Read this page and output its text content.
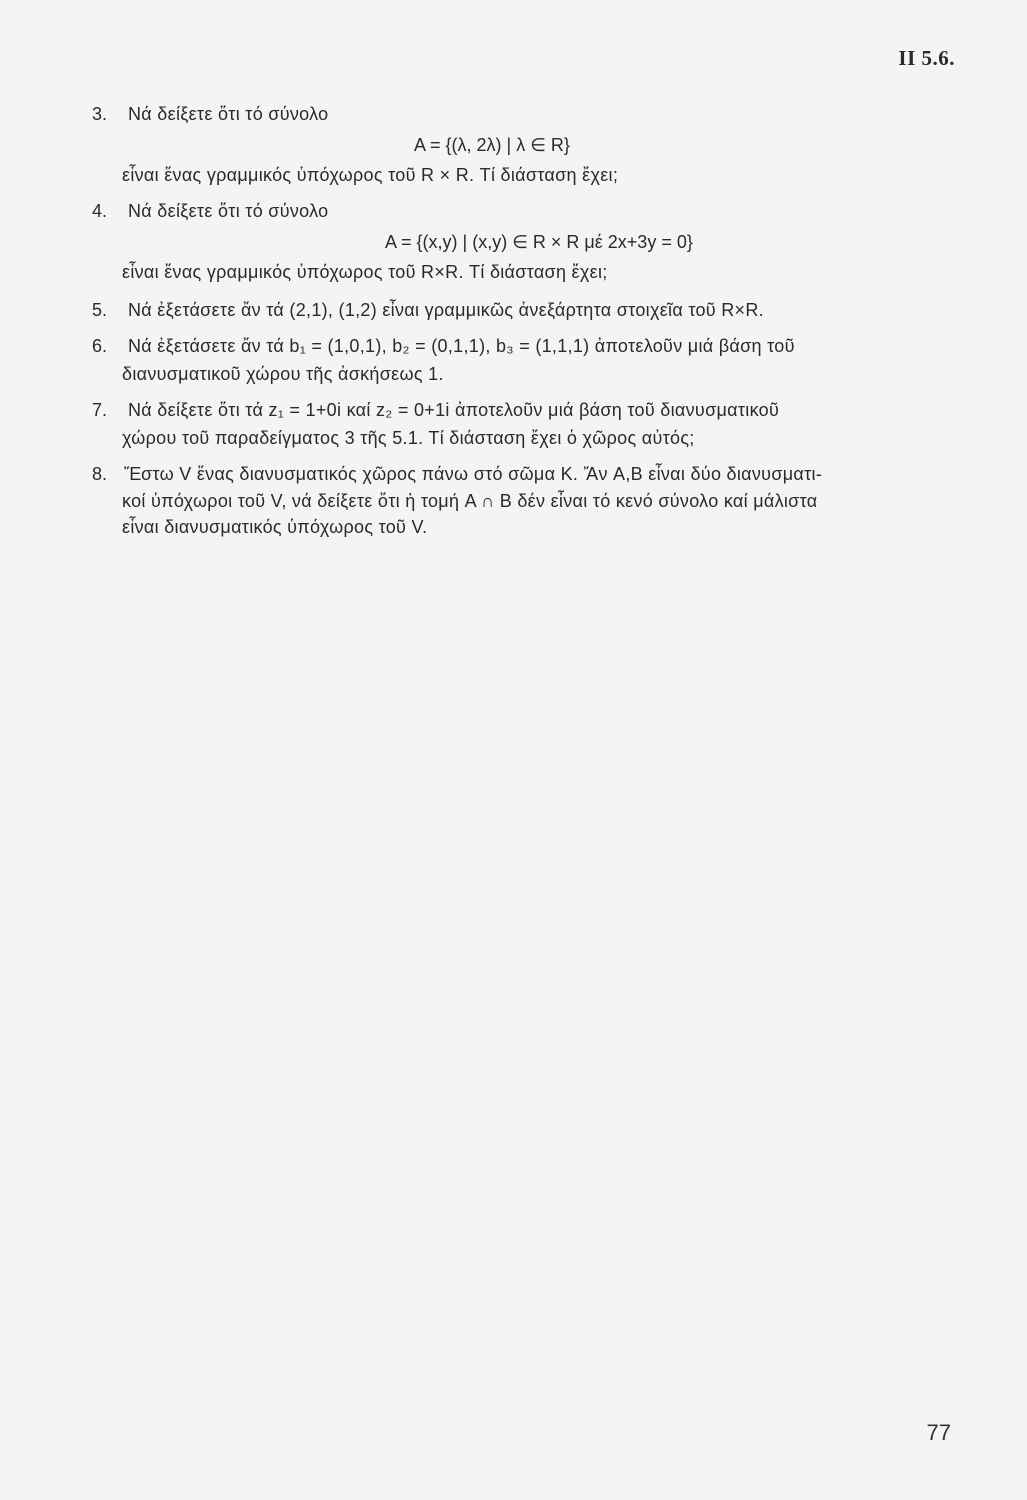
II 5.6.
3. Νά δείξετε ὅτι τό σύνολο
A = {(λ, 2λ) | λ ∈ R}
εἶναι ἕνας γραμμικός ὑπόχωρος τοῦ R × R. Τί διάσταση ἔχει;
4. Νά δείξετε ὅτι τό σύνολο
A = {(x,y) | (x,y) ∈ R × R μέ 2x+3y = 0}
εἶναι ἕνας γραμμικός ὑπόχωρος τοῦ R×R. Τί διάσταση ἔχει;
5. Νά ἐξετάσετε ἄν τά (2,1), (1,2) εἶναι γραμμικῶς ἀνεξάρτητα στοιχεῖα τοῦ R×R.
6. Νά ἐξετάσετε ἄν τά b₁ = (1,0,1), b₂ = (0,1,1), b₃ = (1,1,1) ἀποτελοῦν μιά βάση τοῦ
διανυσματικοῦ χώρου τῆς ἀσκήσεως 1.
7. Νά δείξετε ὅτι τά z₁ = 1+0i καί z₂ = 0+1i ἀποτελοῦν μιά βάση τοῦ διανυσματικοῦ
χώρου τοῦ παραδείγματος 3 τῆς 5.1. Τί διάσταση ἔχει ὁ χῶρος αὐτός;
8. Ἔστω V ἕνας διανυσματικός χῶρος πάνω στό σῶμα K. Ἄν A,B εἶναι δύο διανυσματι-
κοί ὑπόχωροι τοῦ V, νά δείξετε ὅτι ἡ τομή A ∩ B δέν εἶναι τό κενό σύνολο καί μάλιστα
εἶναι διανυσματικός ὑπόχωρος τοῦ V.
77
